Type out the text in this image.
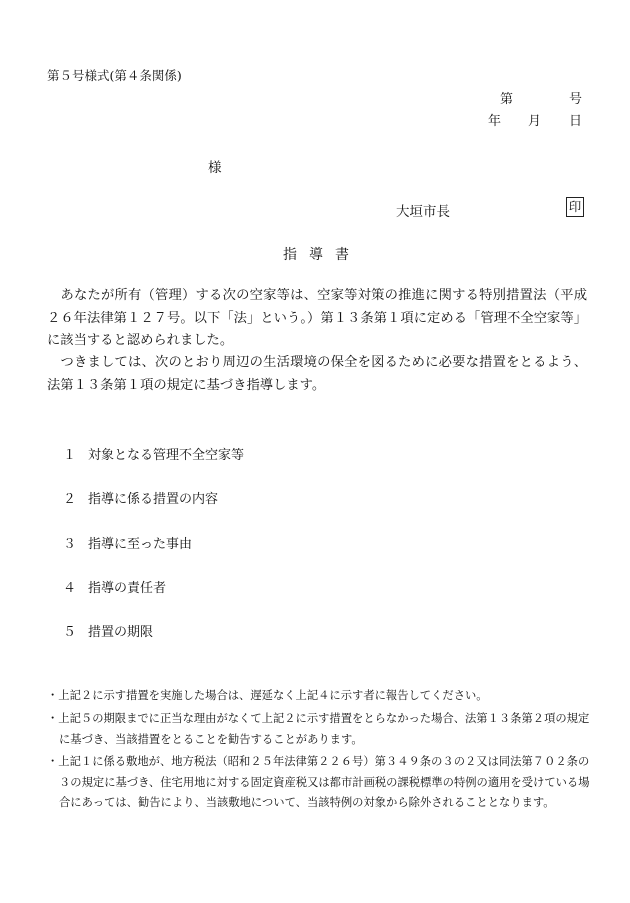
第５号様式(第４条関係)
第	号
年 月 日
様
大垣市長	印
指導書
あなたが所有（管理）する次の空家等は、空家等対策の推進に関する特別措置法（平成２６年法律第１２７号。以下「法」という。）第１３条第１項に定める「管理不全空家等」に該当すると認められました。
つきましては、次のとおり周辺の生活環境の保全を図るために必要な措置をとるよう、法第１３条第１項の規定に基づき指導します。
１ 対象となる管理不全空家等
２ 指導に係る措置の内容
３ 指導に至った事由
４ 指導の責任者
５ 措置の期限
・上記２に示す措置を実施した場合は、遅延なく上記４に示す者に報告してください。
・上記５の期限までに正当な理由がなくて上記２に示す措置をとらなかった場合、法第１３条第２項の規定に基づき、当該措置をとることを勧告することがあります。
・上記１に係る敷地が、地方税法（昭和２５年法律第２２６号）第３４９条の３の２又は同法第７０２条の３の規定に基づき、住宅用地に対する固定資産税又は都市計画税の課税標準の特例の適用を受けている場合にあっては、勧告により、当該敷地について、当該特例の対象から除外されることとなります。
